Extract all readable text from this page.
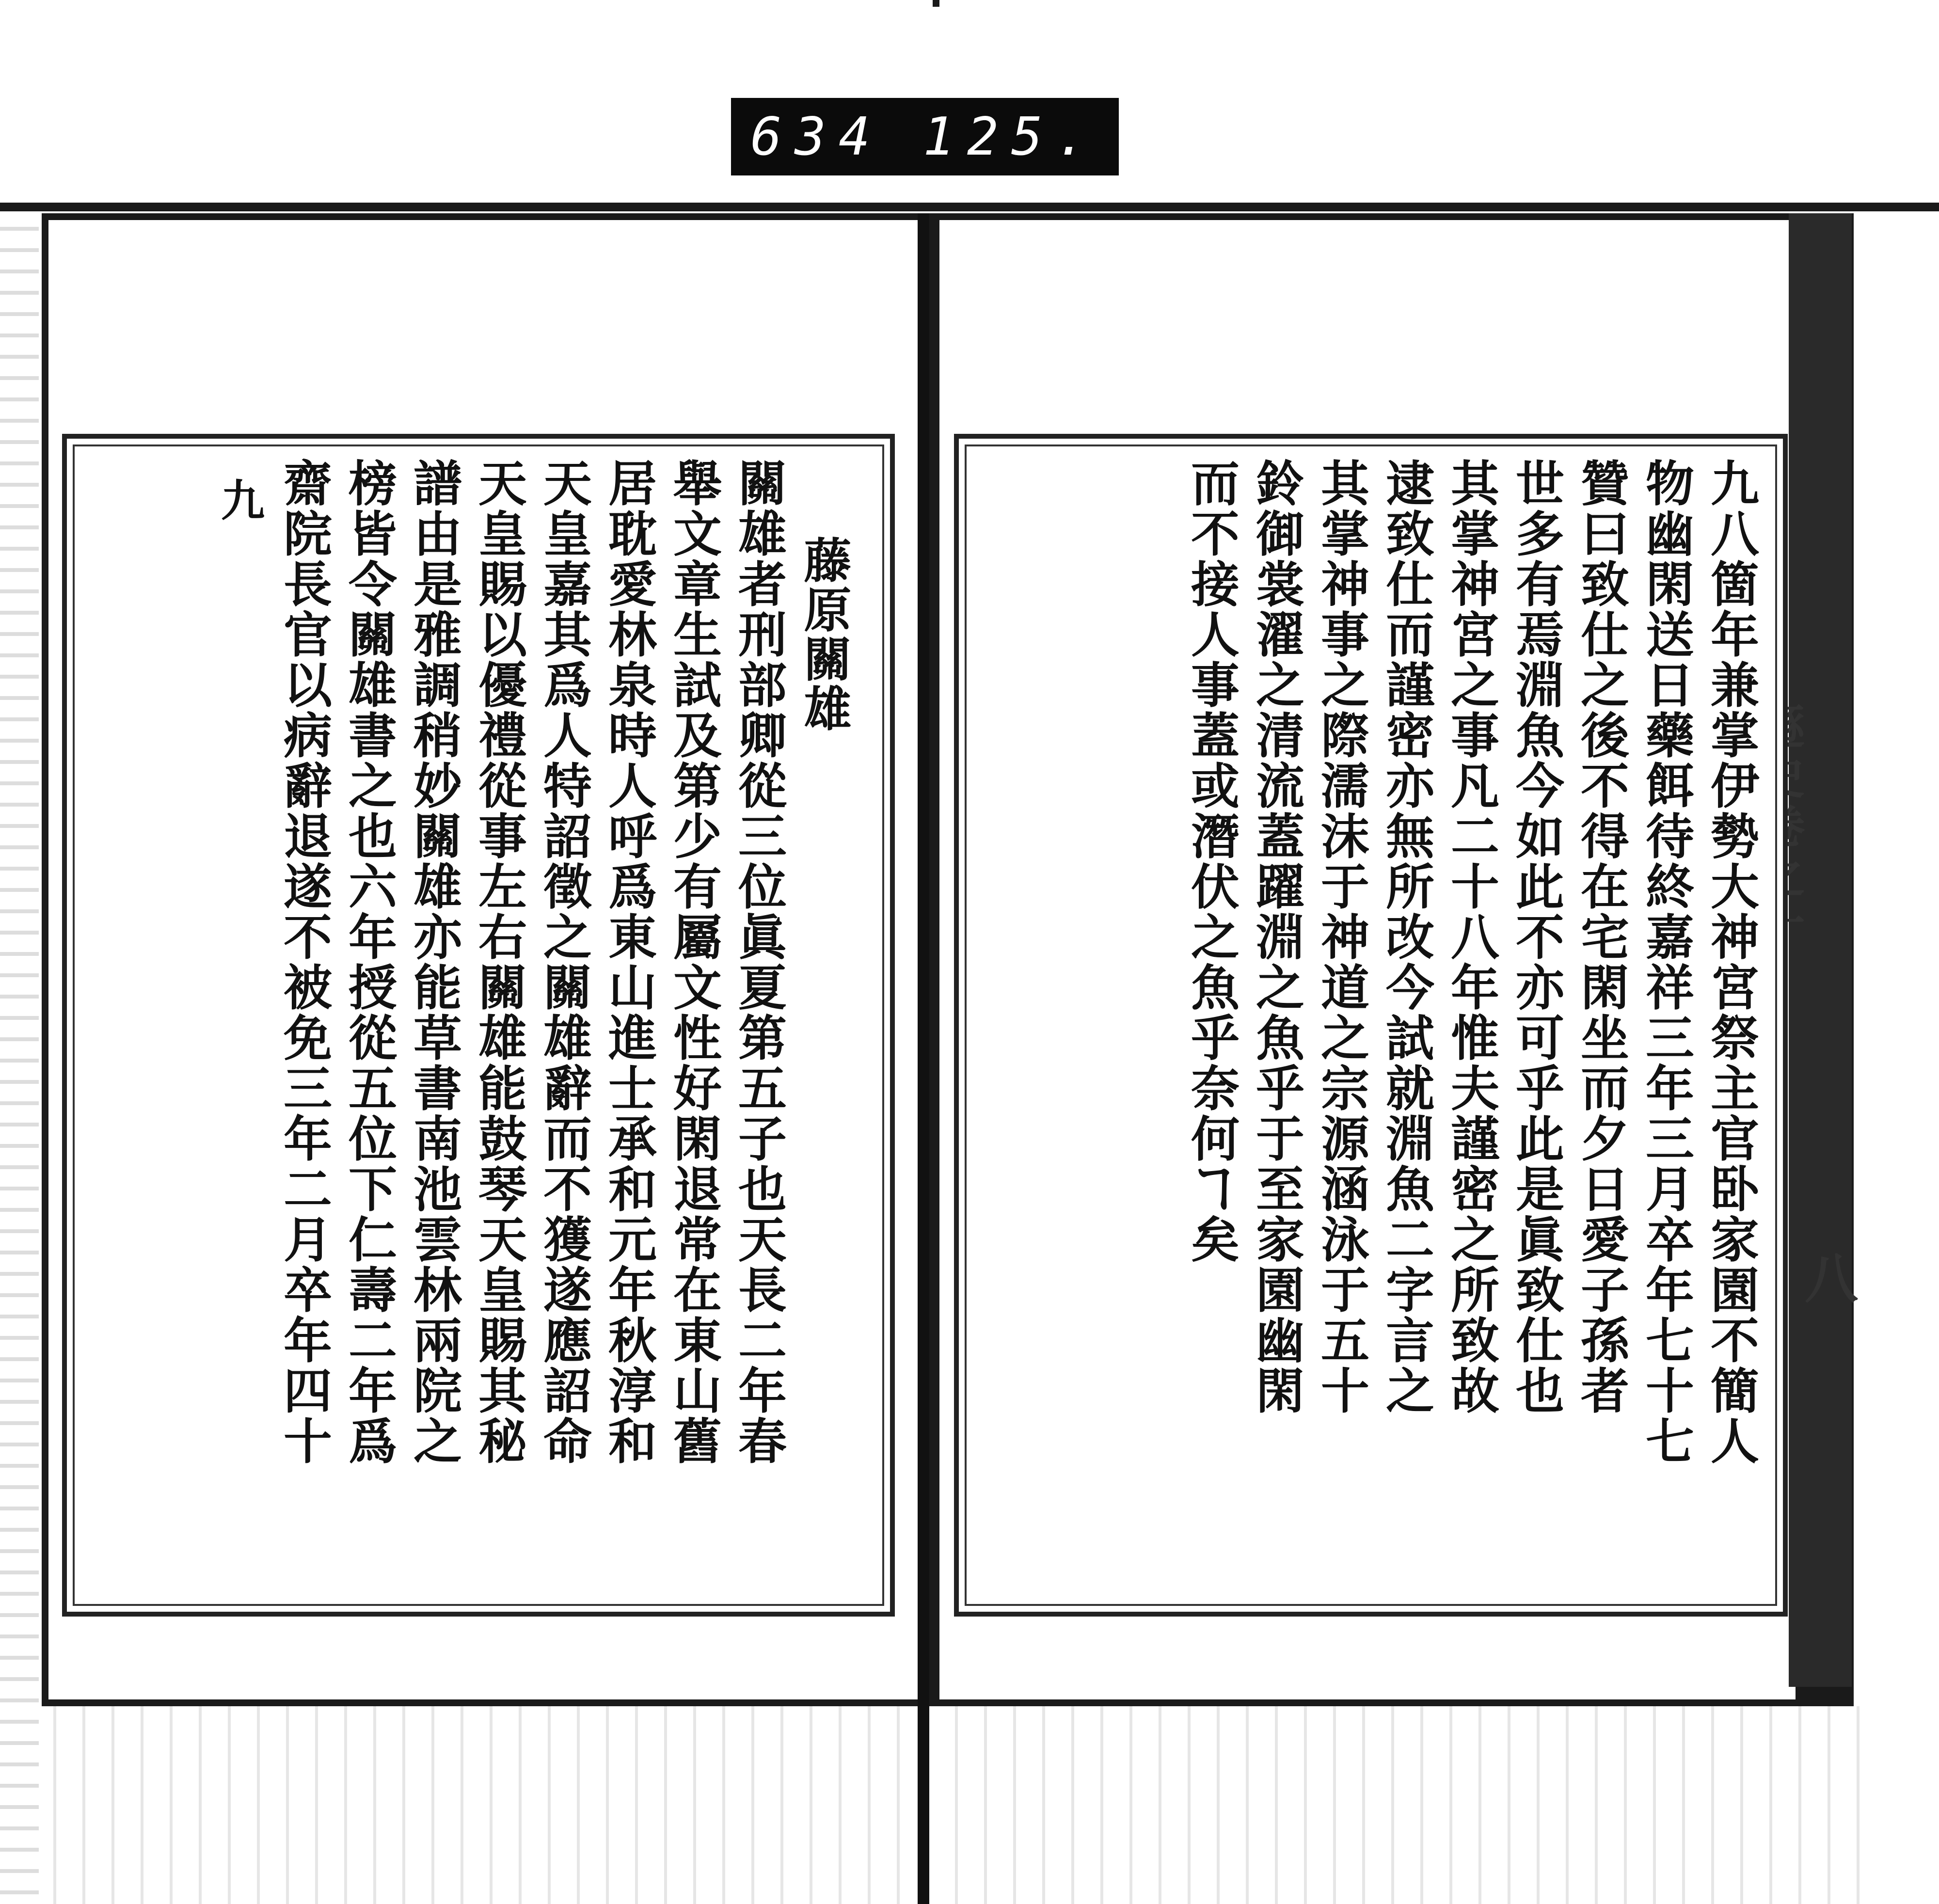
634 125.
八
藤原關雄
關雄者刑部卿從三位眞夏第五子也天長二年春
舉文章生試及第少有屬文性好閑退常在東山舊
居耽愛林泉時人呼爲東山進士承和元年秋淳和
天皇嘉其爲人特詔徵之關雄辭而不獲遂應詔命
天皇賜以優禮從事左右關雄能鼓琴天皇賜其秘
譜由是雅調稍妙關雄亦能草書南池雲林兩院之
榜皆令關雄書之也六年授從五位下仁壽二年爲
齋院長官以病辭退遂不被免三年二月卒年四十
九	九八箇年兼掌伊勢大神宮祭主官卧家園不簡人
物幽閑送日藥餌待終嘉祥三年三月卒年七十七
贊曰致仕之後不得在宅閑坐而夕日愛子孫者
世多有焉淵魚今如此不亦可乎此是眞致仕也
其掌神宮之事凡二十八年惟夫謹密之所致故
逮致仕而謹密亦無所改今試就淵魚二字言之
其掌神事之際濡沫于神道之宗源涵泳于五十
鈴御裳濯之清流蓋躍淵之魚乎于至家園幽閑
而不接人事蓋或潛伏之魚乎奈何ヿ矣
